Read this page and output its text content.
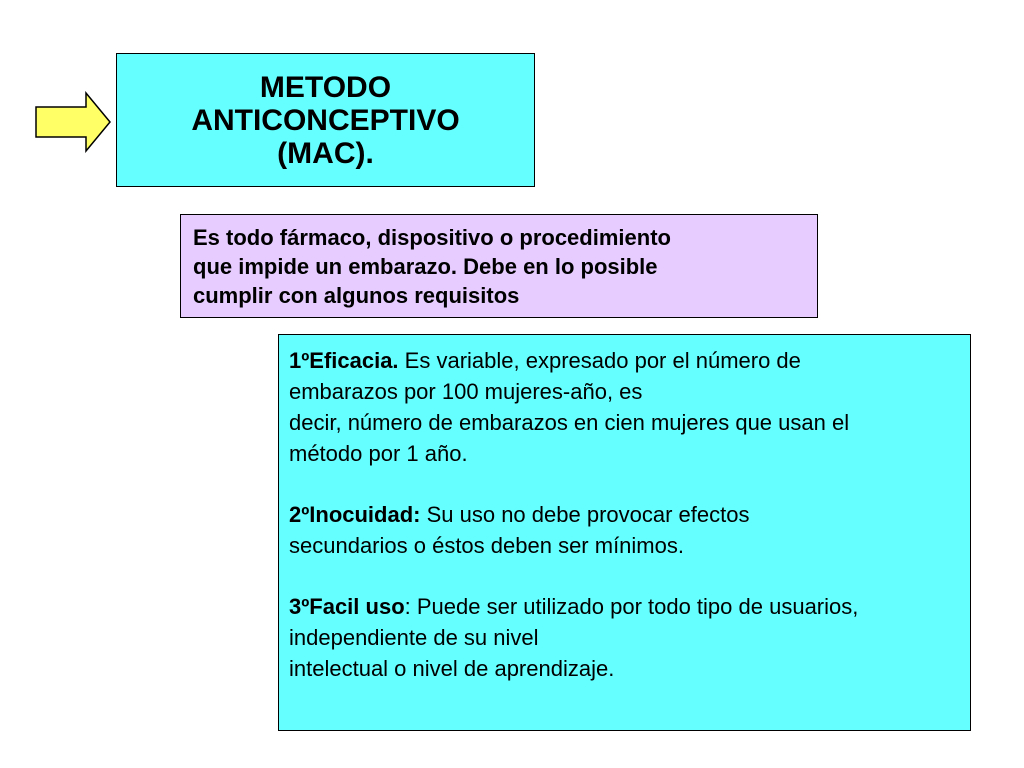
METODO
ANTICONCEPTIVO
(MAC).

Es todo fármaco, dispositivo o procedimiento
que impide un embarazo. Debe en lo posible
cumplir con algunos requisitos

1ºEficacia. Es variable, expresado por el número de
embarazos por 100 mujeres-año, es
decir, número de embarazos en cien mujeres que usan el
método por 1 año.

2ºInocuidad: Su uso no debe provocar efectos
secundarios o éstos deben ser mínimos.

3ºFacil uso: Puede ser utilizado por todo tipo de usuarios,
independiente de su nivel
intelectual o nivel de aprendizaje.
